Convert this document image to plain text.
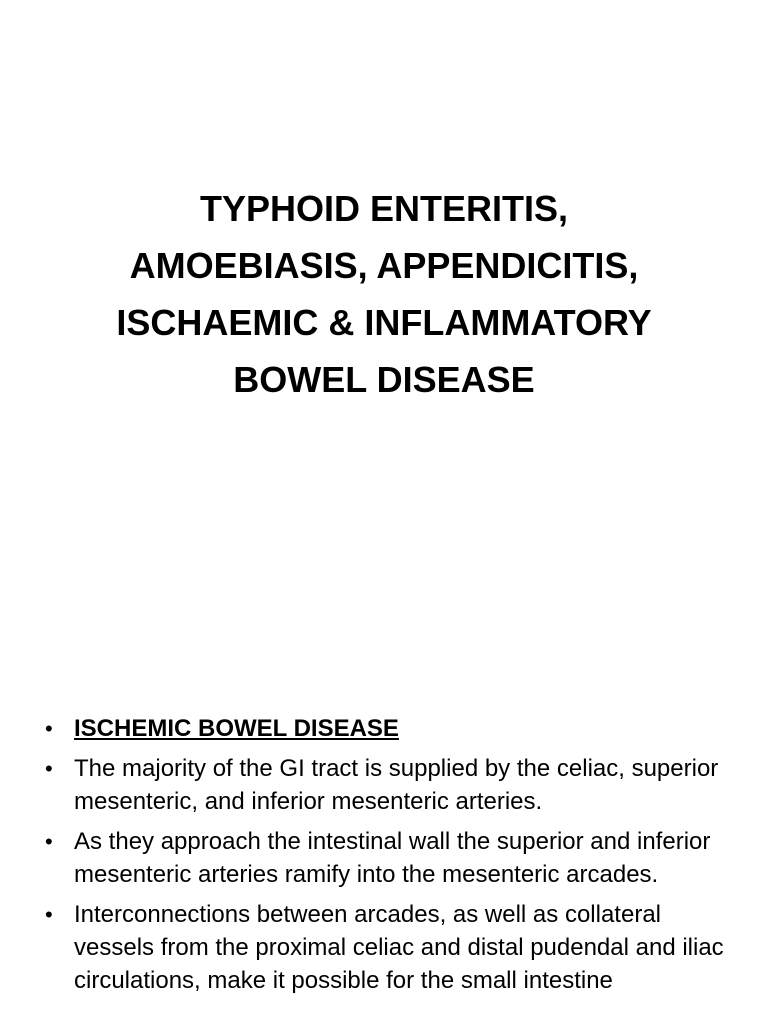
TYPHOID ENTERITIS,
AMOEBIASIS, APPENDICITIS,
ISCHAEMIC & INFLAMMATORY
BOWEL DISEASE
• ISCHEMIC BOWEL DISEASE
• The majority of the GI tract is supplied by the celiac, superior mesenteric, and inferior mesenteric arteries.
• As they approach the intestinal wall the superior and inferior mesenteric arteries ramify into the mesenteric arcades.
• Interconnections between arcades, as well as collateral vessels from the proximal celiac and distal pudendal and iliac circulations, make it possible for the small intestine
